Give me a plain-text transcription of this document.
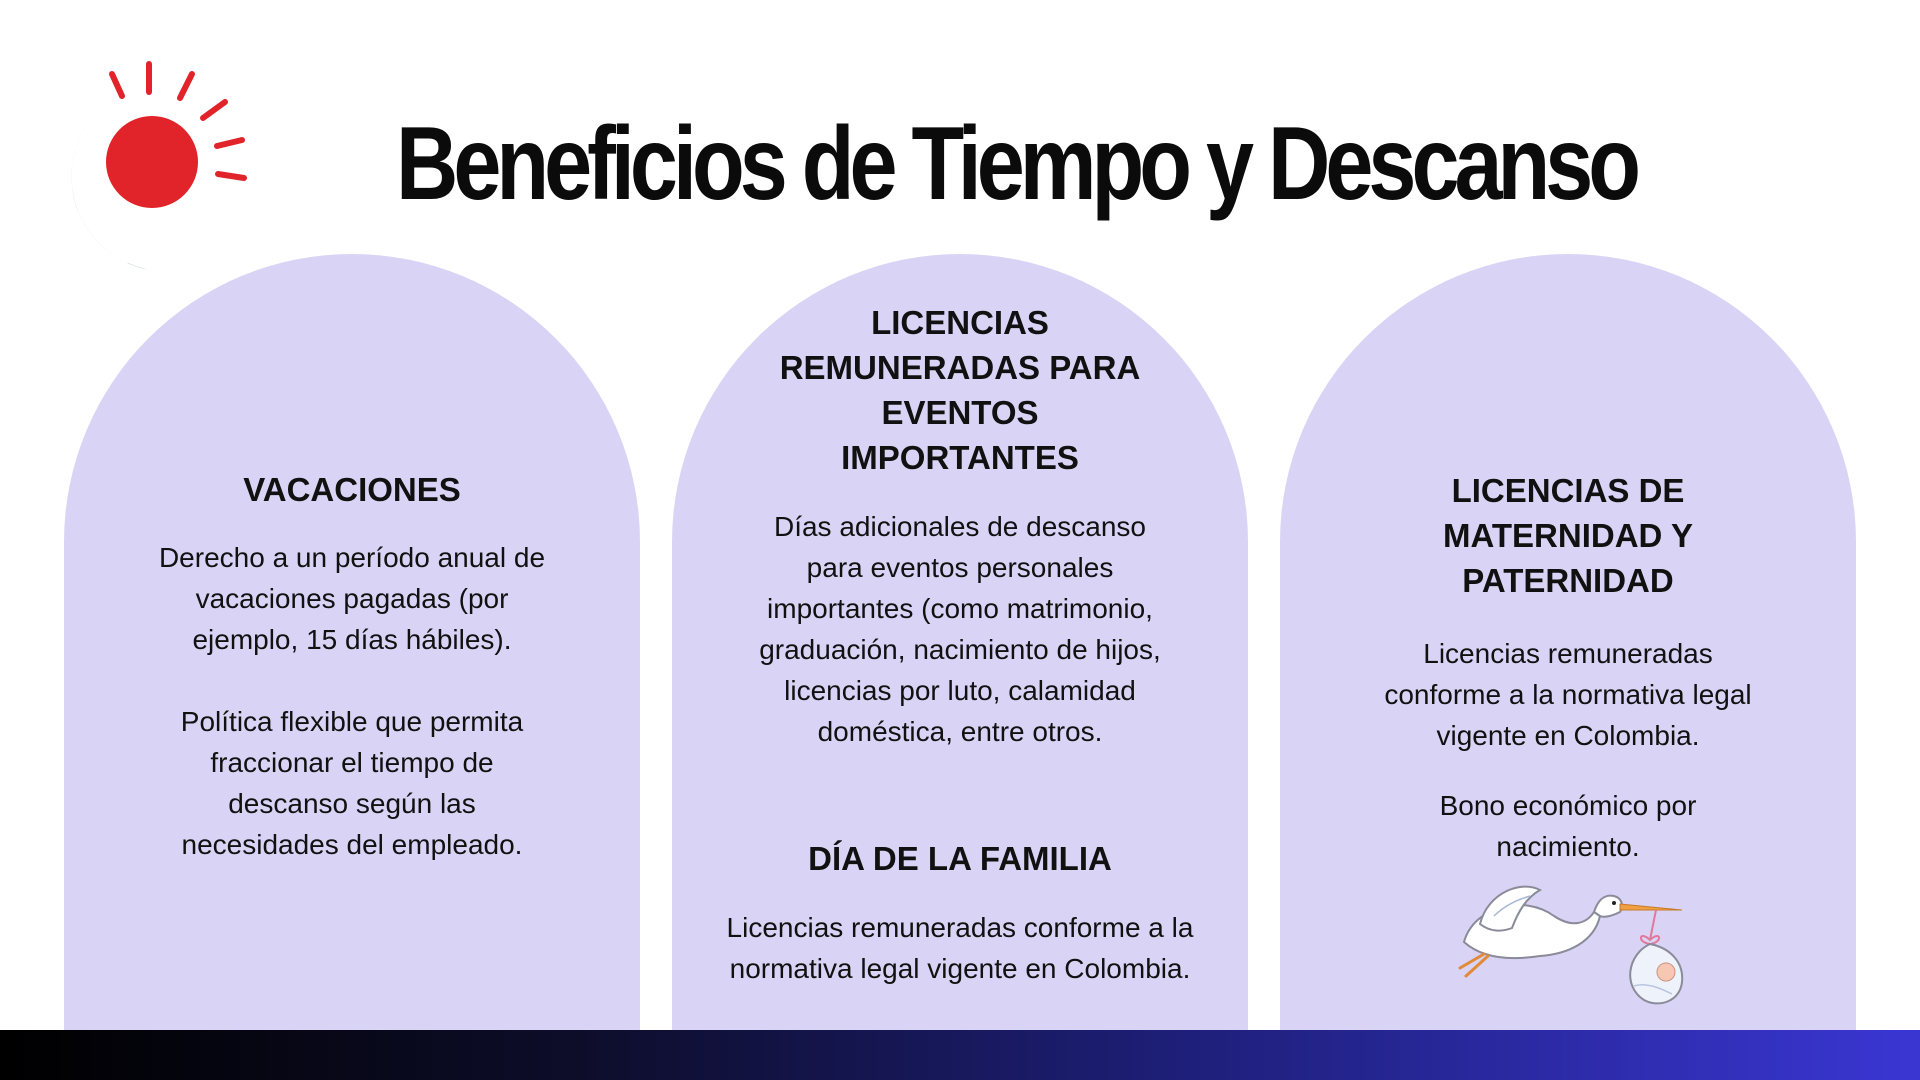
Beneficios de Tiempo y Descanso
VACACIONES

Derecho a un período anual de vacaciones pagadas (por ejemplo, 15 días hábiles).

Política flexible que permita fraccionar el tiempo de descanso según las necesidades del empleado.

LICENCIAS REMUNERADAS PARA EVENTOS IMPORTANTES

Días adicionales de descanso para eventos personales importantes (como matrimonio, graduación, nacimiento de hijos, licencias por luto, calamidad doméstica, entre otros.

DÍA DE LA FAMILIA

Licencias remuneradas conforme a la normativa legal vigente en Colombia.

LICENCIAS DE MATERNIDAD Y PATERNIDAD

Licencias remuneradas conforme a la normativa legal vigente en Colombia.

Bono económico por nacimiento.
